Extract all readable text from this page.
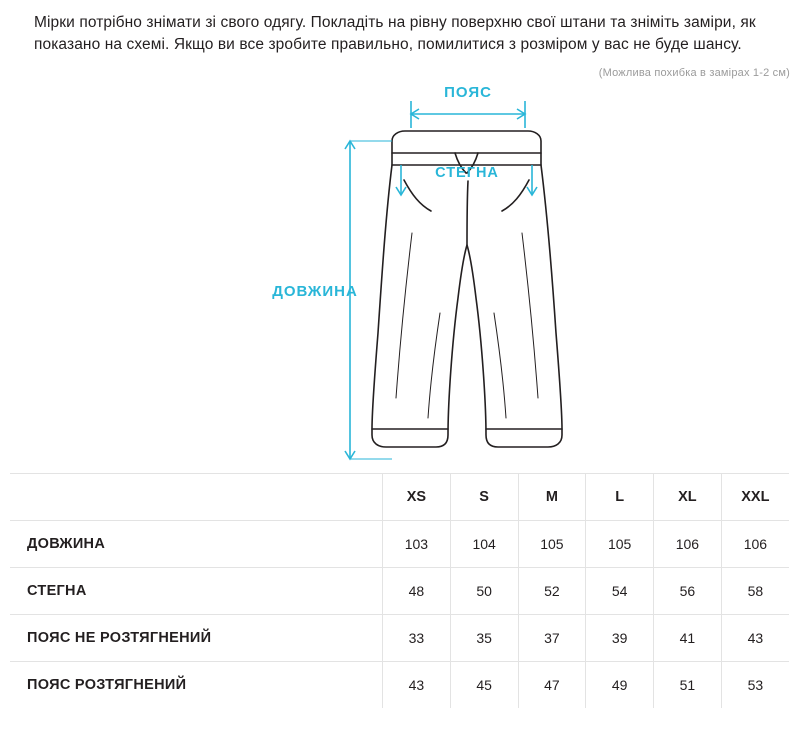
Мірки потрібно знімати зі свого одягу. Покладіть на рівну поверхню свої штани та зніміть заміри, як показано на схемі. Якщо ви все зробите правильно, помилитися з розміром у вас не буде шансу.
(Можлива похибка в замірах 1-2 см)
ПОЯС
СТЕГНА
ДОВЖИНА
	XS	S	M	L	XL	XXL
ДОВЖИНА	103	104	105	105	106	106
СТЕГНА	48	50	52	54	56	58
ПОЯС НЕ РОЗТЯГНЕНИЙ	33	35	37	39	41	43
ПОЯС РОЗТЯГНЕНИЙ	43	45	47	49	51	53
